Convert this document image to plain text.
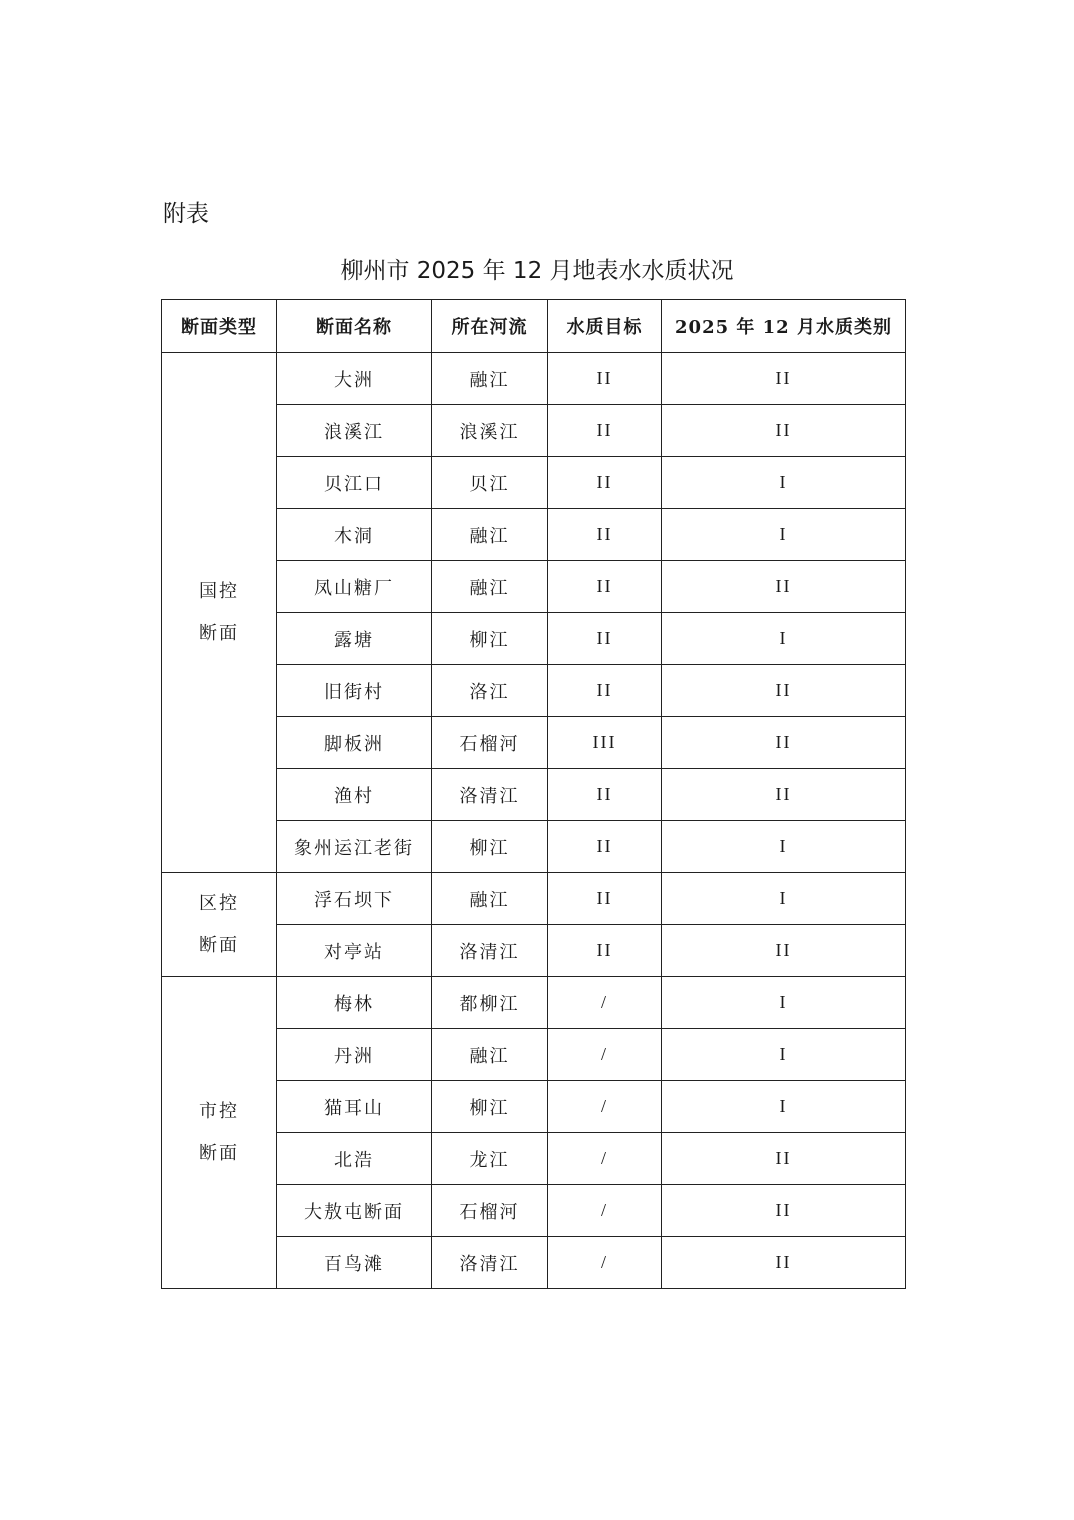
附表
柳州市 2025 年 12 月地表水水质状况
断面类型	断面名称	所在河流	水质目标	2025 年 12 月水质类别

国控
断面	大洲	融江	II	II
	浪溪江	浪溪江	II	II
	贝江口	贝江	II	I
	木洞	融江	II	I
	凤山糖厂	融江	II	II
	露塘	柳江	II	I
	旧街村	洛江	II	II
	脚板洲	石榴河	III	II
	渔村	洛清江	II	II
	象州运江老街	柳江	II	I

区控
断面	浮石坝下	融江	II	I
	对亭站	洛清江	II	II

市控
断面	梅林	都柳江	/	I
	丹洲	融江	/	I
	猫耳山	柳江	/	I
	北浩	龙江	/	II
	大敖屯断面	石榴河	/	II
	百鸟滩	洛清江	/	II
